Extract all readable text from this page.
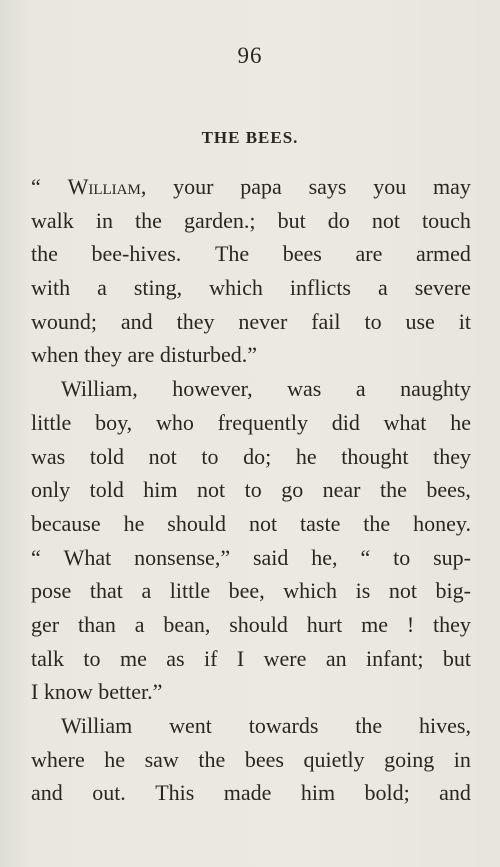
96
THE BEES.
“ William, your papa says you may
walk in the garden.; but do not touch
the bee-hives. The bees are armed
with a sting, which inflicts a severe
wound; and they never fail to use it
when they are disturbed.”
William, however, was a naughty
little boy, who frequently did what he
was told not to do; he thought they
only told him not to go near the bees,
because he should not taste the honey.
“ What nonsense,” said he, “ to sup-
pose that a little bee, which is not big-
ger than a bean, should hurt me ! they
talk to me as if I were an infant; but
I know better.”
William went towards the hives,
where he saw the bees quietly going in
and out. This made him bold; and
